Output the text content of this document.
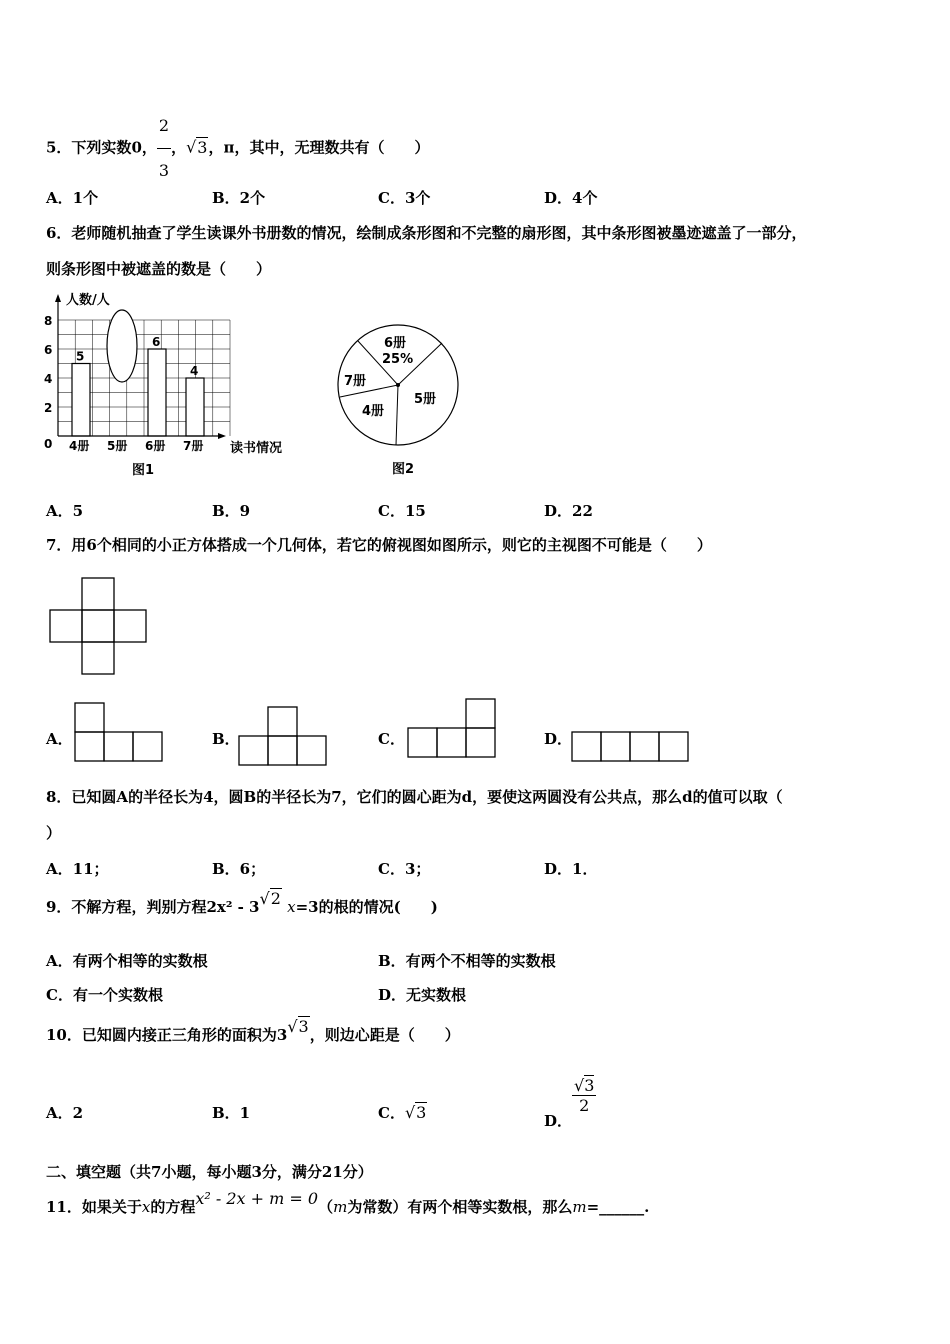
5．下列实数0， $\frac{2}{3}$ ，√3，π，其中，无理数共有（　　）
A．1个	B．2个	C．3个	D．4个
6．老师随机抽查了学生读课外书册数的情况，绘制成条形图和不完整的扇形图，其中条形图被墨迹遮盖了一部分，
则条形图中被遮盖的数是（　　）
2
4
6
8
5
4册 5册
6
6册
4
7册
人数/人
读书情况
0
图1
6册
25%
5册
4册
7册
图2
A．5	B．9	C．15	D．22
7．用6个相同的小正方体搭成一个几何体，若它的俯视图如图所示，则它的主视图不可能是（　　）
A．	B．	C．	D．
8．已知圆A的半径长为4，圆B的半径长为7，它们的圆心距为d，要使这两圆没有公共点，那么d的值可以取（
）
A．11；	B．6；	C．3；	D．1．
9．不解方程，判别方程2x² - 3√2 x=3的根的情况(　　)
A．有两个相等的实数根	B．有两个不相等的实数根
C．有一个实数根	D．无实数根
10．已知圆内接正三角形的面积为3√3，则边心距是（　　）
A．2	B．1	C．√3	D．
$\frac{√3}{2}$
二、填空题（共7小题，每小题3分，满分21分）
11．如果关于x的方程x² - 2x + m = 0（m为常数）有两个相等实数根，那么m=______.
